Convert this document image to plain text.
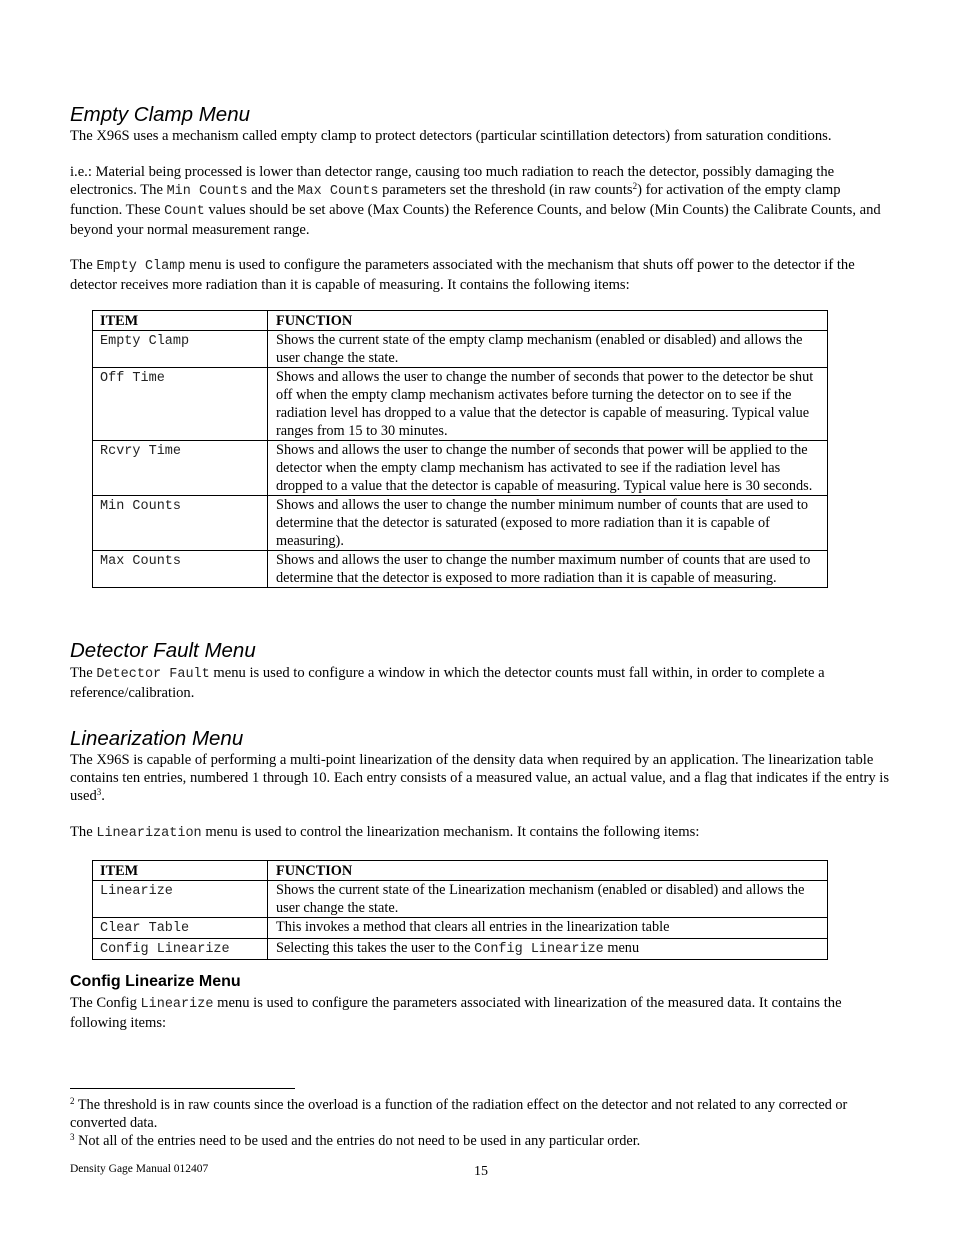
Empty Clamp Menu

The X96S uses a mechanism called empty clamp to protect detectors (particular scintillation detectors) from saturation conditions.

i.e.: Material being processed is lower than detector range, causing too much radiation to reach the detector, possibly damaging the electronics. The Min Counts and the Max Counts parameters set the threshold (in raw counts$^2$) for activation of the empty clamp function. These Count values should be set above (Max Counts) the Reference Counts, and below (Min Counts) the Calibrate Counts, and beyond your normal measurement range.

The Empty Clamp menu is used to configure the parameters associated with the mechanism that shuts off power to the detector if the detector receives more radiation than it is capable of measuring. It contains the following items:

ITEM	FUNCTION
Empty Clamp	Shows the current state of the empty clamp mechanism (enabled or disabled) and allows the user change the state.
Off Time	Shows and allows the user to change the number of seconds that power to the detector be shut off when the empty clamp mechanism activates before turning the detector on to see if the radiation level has dropped to a value that the detector is capable of measuring. Typical value ranges from 15 to 30 minutes.
Rcvry Time	Shows and allows the user to change the number of seconds that power will be applied to the detector when the empty clamp mechanism has activated to see if the radiation level has dropped to a value that the detector is capable of measuring. Typical value here is 30 seconds.
Min Counts	Shows and allows the user to change the number minimum number of counts that are used to determine that the detector is saturated (exposed to more radiation than it is capable of measuring).
Max Counts	Shows and allows the user to change the number maximum number of counts that are used to determine that the detector is exposed to more radiation than it is capable of measuring.
Detector Fault Menu

The Detector Fault menu is used to configure a window in which the detector counts must fall within, in order to complete a reference/calibration.

Linearization Menu

The X96S is capable of performing a multi-point linearization of the density data when required by an application. The linearization table contains ten entries, numbered 1 through 10. Each entry consists of a measured value, an actual value, and a flag that indicates if the entry is used$^3$.

The Linearization menu is used to control the linearization mechanism. It contains the following items:

ITEM	FUNCTION
Linearize	Shows the current state of the Linearization mechanism (enabled or disabled) and allows the user change the state.
Clear Table	This invokes a method that clears all entries in the linearization table
Config Linearize	Selecting this takes the user to the Config Linearize menu
Config Linearize Menu

The Config Linearize menu is used to configure the parameters associated with linearization of the measured data. It contains the following items:

$^2$ The threshold is in raw counts since the overload is a function of the radiation effect on the detector and not related to any corrected or converted data.

$^3$ Not all of the entries need to be used and the entries do not need to be used in any particular order.

Density Gage Manual 012407	15
